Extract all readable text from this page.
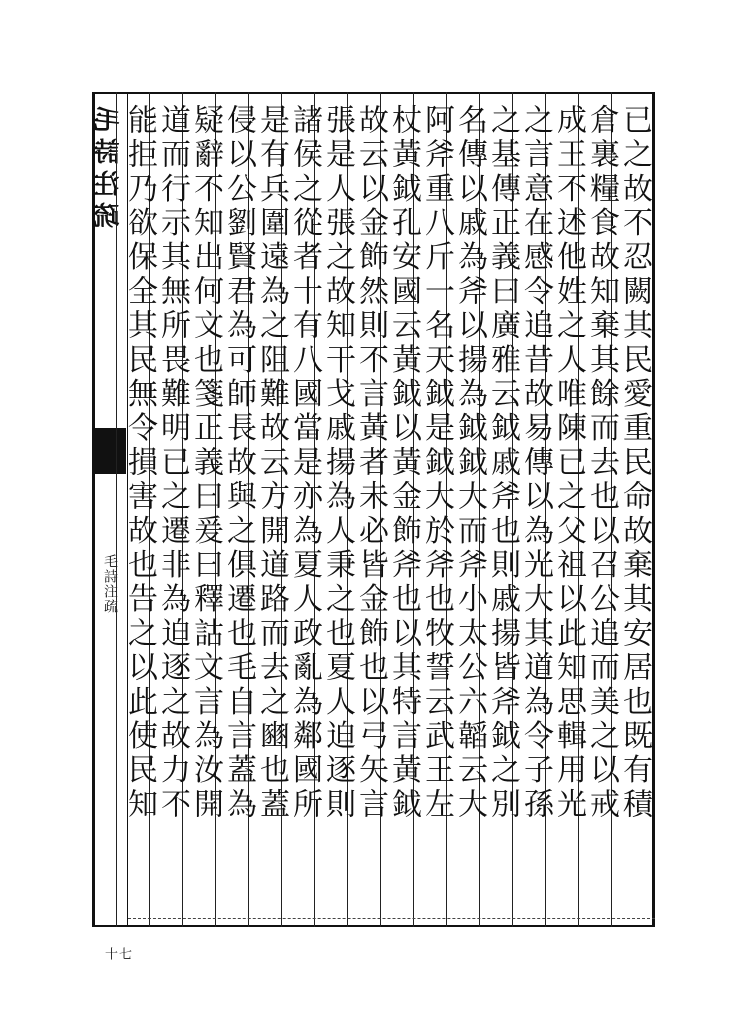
毛詩注疏
毛詩注疏
七十
已之故不忍闕其民愛重民命故棄其安居也既有積
倉裏糧食故知棄其餘而去也以召公追而美之以戒
成王不述他姓之人唯陳已之父祖以此知思輯用光
之言意在感令追昔故易傳以為光大其道為令子孫
之基傳正義曰廣雅云鉞戚斧也則戚揚皆斧鉞之別
名傳以戚為斧以揚為鉞鉞大而斧小太公六韜云大
阿斧重八斤一名天鉞是鉞大於斧也牧誓云武王左
杖黃鉞孔安國云黃鉞以黃金飾斧也以其特言黃鉞
故云以金飾然則不言黃者未必皆金飾也以弓矢言
張是人張之故知干戈戚揚為人秉之也夏人迫逐則
諸侯之從者十有八國當是亦為夏人政亂為鄰國所
是有兵圍遠為之阻難故云方開道路而去之豳也蓋
侵以公劉賢君為可師長故與之俱遷也毛自言蓋為
疑辭不知出何文也箋正義曰爰曰釋詁文言為汝開
道而行示其無所畏難明已之遷非為迫逐之故力不
能拒乃欲保全其民無令損害故也告之以此使民知
